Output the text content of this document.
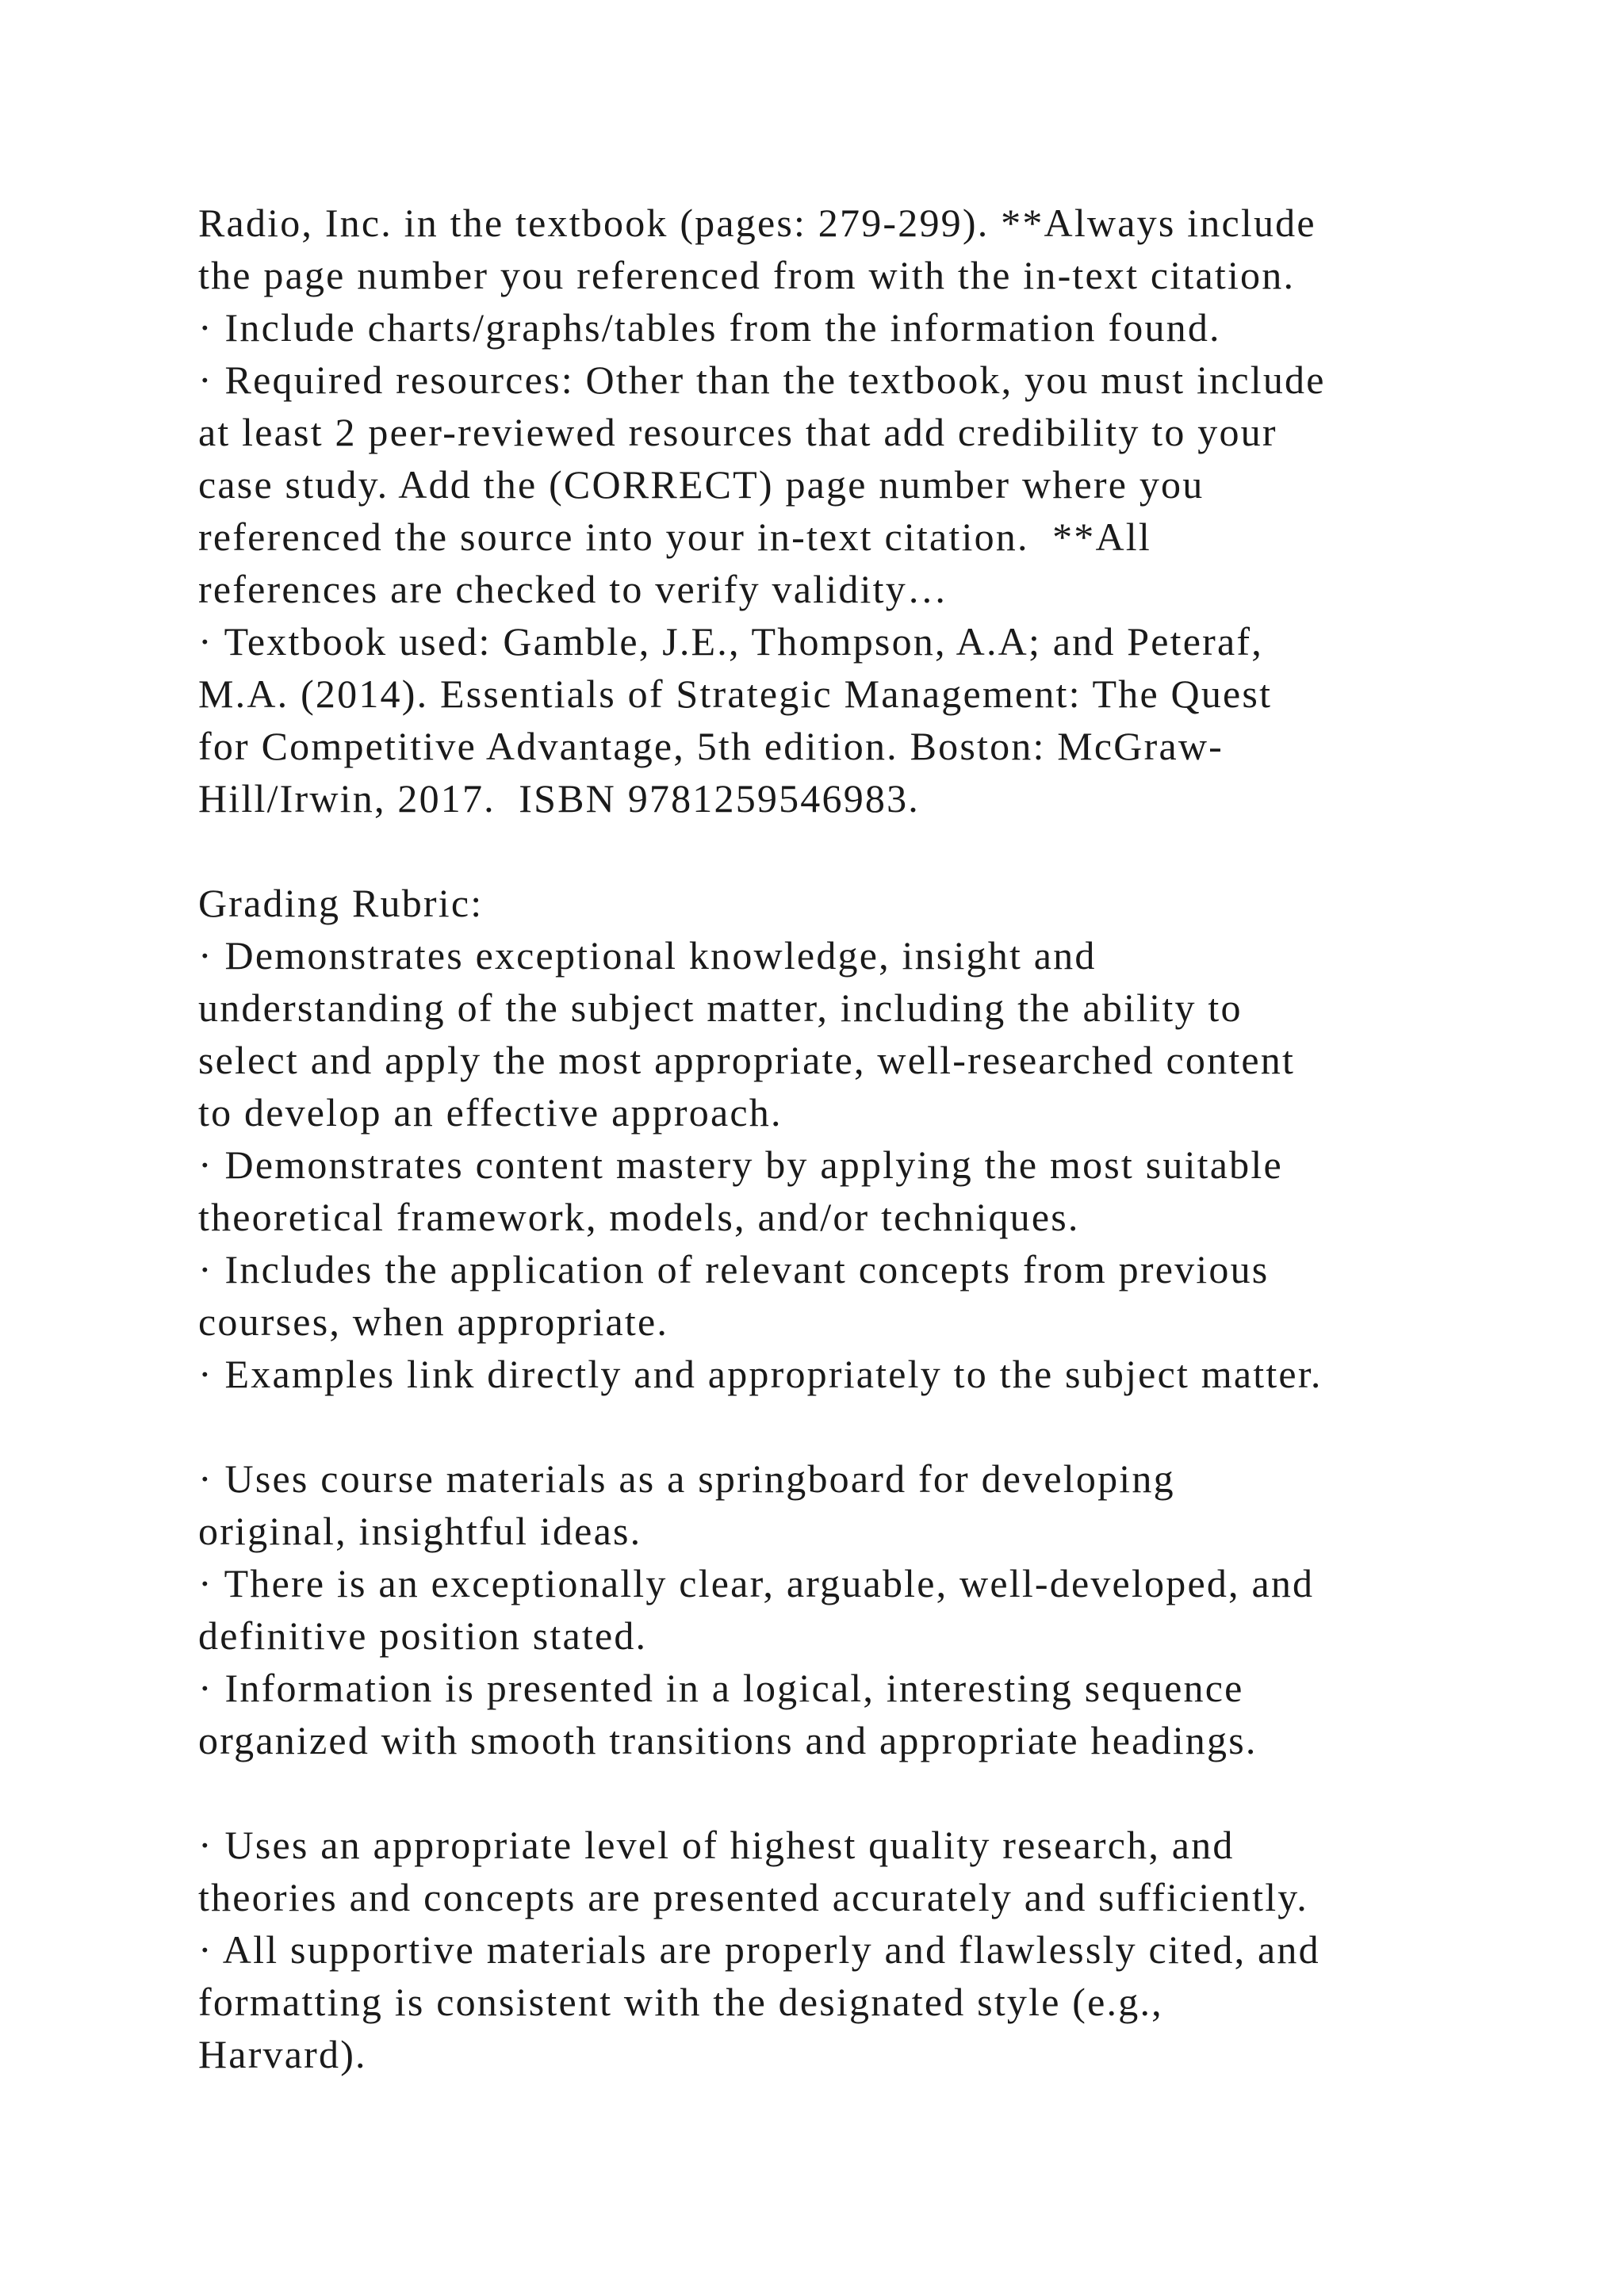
Radio, Inc. in the textbook (pages: 279-299). **Always include
the page number you referenced from with the in-text citation.
· Include charts/graphs/tables from the information found.
· Required resources: Other than the textbook, you must include
at least 2 peer-reviewed resources that add credibility to your
case study. Add the (CORRECT) page number where you
referenced the source into your in-text citation.  **All
references are checked to verify validity…
· Textbook used: Gamble, J.E., Thompson, A.A; and Peteraf,
M.A. (2014). Essentials of Strategic Management: The Quest
for Competitive Advantage, 5th edition. Boston: McGraw-
Hill/Irwin, 2017.  ISBN 9781259546983.
Grading Rubric:
· Demonstrates exceptional knowledge, insight and
understanding of the subject matter, including the ability to
select and apply the most appropriate, well-researched content
to develop an effective approach.
· Demonstrates content mastery by applying the most suitable
theoretical framework, models, and/or techniques.
· Includes the application of relevant concepts from previous
courses, when appropriate.
· Examples link directly and appropriately to the subject matter.
· Uses course materials as a springboard for developing
original, insightful ideas.
· There is an exceptionally clear, arguable, well-developed, and
definitive position stated.
· Information is presented in a logical, interesting sequence
organized with smooth transitions and appropriate headings.
· Uses an appropriate level of highest quality research, and
theories and concepts are presented accurately and sufficiently.
· All supportive materials are properly and flawlessly cited, and
formatting is consistent with the designated style (e.g.,
Harvard).
